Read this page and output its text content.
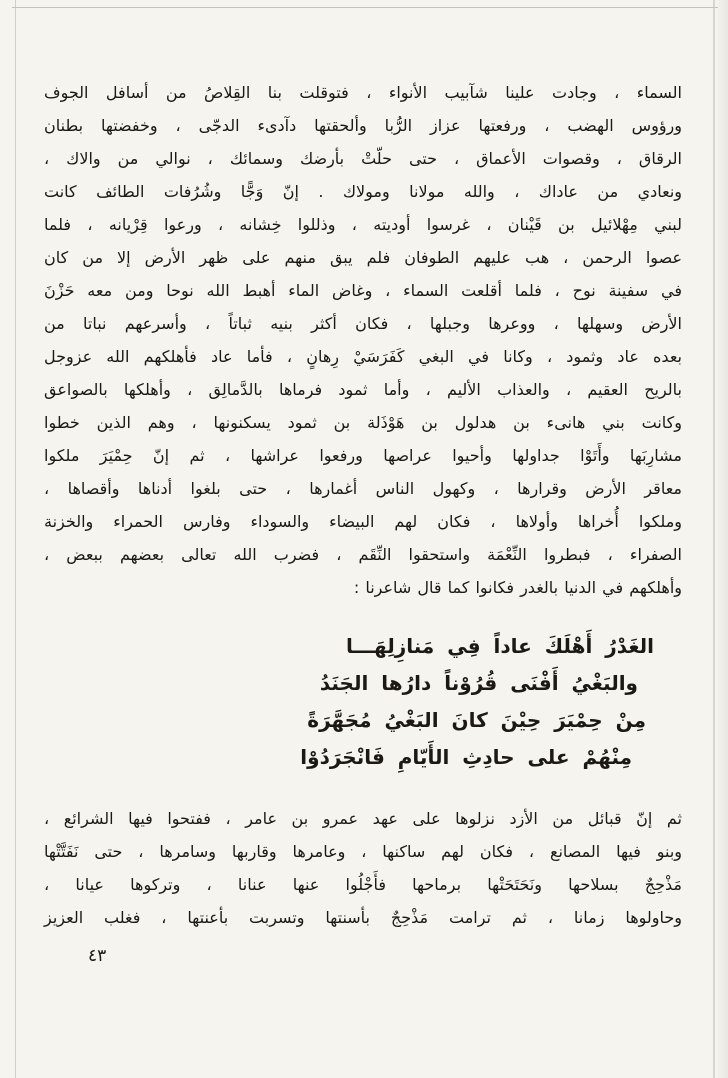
السماء ، وجادت علينا شآبيب الأنواء ، فتوقلت بنا القِلاصُ من أسافل الجوف
ورؤوس الهضب ، ورفعتها عزاز الرُّبا وألحقتها دآدىء الدجّى ، وخفضتها بطنان
الرقاق ، وقصوات الأعماق ، حتى حلّتْ بأرضك وسمائك ، نوالي من والاك ،
ونعادي من عاداك ، والله مولانا ومولاك . إنّ وَجًّا وشُرُفات الطائف كانت
لبني مِهْلائيل بن قَيْنان ، غرسوا أوديته ، وذللوا خِشانه ، ورعوا قِرْيانه ، فلما
عصوا الرحمن ، هب عليهم الطوفان فلم يبق منهم على ظهر الأرض إلا من كان
في سفينة نوح ، فلما أقلعت السماء ، وغاض الماء أهبط الله نوحا ومن معه حَزْنَ
الأرض وسهلها ، ووعرها وجبلها ، فكان أكثر بنيه ثباتاً ، وأسرعهم نباتا من
بعده عاد وثمود ، وكانا في البغي كَفَرَسَيْ رِهانٍ ، فأما عاد فأهلكهم الله عزوجل
بالريح العقيم ، والعذاب الأليم ، وأما ثمود فرماها بالدَّمالِق ، وأهلكها بالصواعق
وكانت بني هانىء بن هدلول بن هَوْذَلة بن ثمود يسكنونها ، وهم الذين خطوا
مشارِبَها وأَتَوْا جداولها وأحيوا عراصها ورفعوا عراشها ، ثم إنّ حِمْيَرَ ملكوا
معاقر الأرض وقرارها ، وكهول الناس أغمارها ، حتى بلغوا أدناها وأقصاها ،
وملكوا أُخراها وأولاها ، فكان لهم البيضاء والسوداء وفارس الحمراء والخزنة
الصفراء ، فبطروا النِّعْمَة واستحقوا النِّقَم ، فضرب الله تعالى بعضهم ببعض ،
وأهلكهم في الدنيا بالغدر فكانوا كما قال شاعرنا :
الغَدْرُ أَهْلَكَ عاداً فِي مَنازِلِهَـــا
والبَغْيُ أَفْنَى قُرُوْناً دارُها الجَنَدُ
مِنْ حِمْيَرَ حِيْنَ كانَ البَغْيُ مُجَهَّرَةً
مِنْهُمْ على حادِثِ الأَيّامِ فَانْجَرَدُوْا
ثم إنّ قبائل من الأزد نزلوها على عهد عمرو بن عامر ، ففتحوا فيها الشرائع ،
وبنو فيها المصانع ، فكان لهم ساكنها ، وعامرها وقاربها وسامرها ، حتى نَفَتَّتْها
مَذْحِجٌ بسلاحها ونَحَتَحَتْها برماحها فأَجْلُوا عنها عنانا ، وتركوها عيانا ،
وحاولوها زمانا ، ثم ترامت مَذْحِجٌ بأسنتها وتسربت بأعنتها ، فغلب العزيز
٤٣
